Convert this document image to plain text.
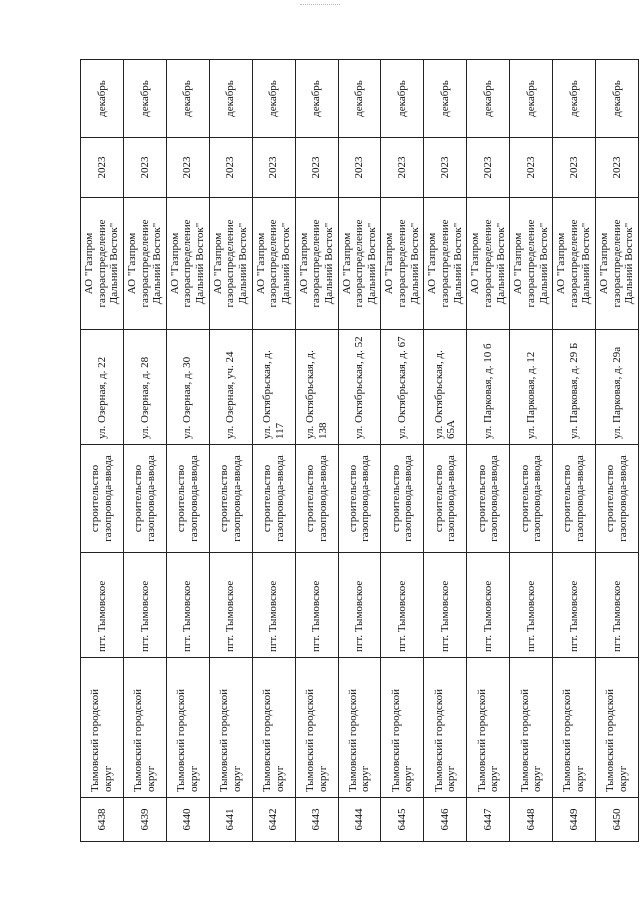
6438	Тымовский городской округ	пгт. Тымовское	строительство газопровода-ввода	ул. Озерная, д. 22	АО "Газпром газораспределение Дальний Восток"	2023	декабрь
6439	Тымовский городской округ	пгт. Тымовское	строительство газопровода-ввода	ул. Озерная, д. 28	АО "Газпром газораспределение Дальний Восток"	2023	декабрь
6440	Тымовский городской округ	пгт. Тымовское	строительство газопровода-ввода	ул. Озерная, д. 30	АО "Газпром газораспределение Дальний Восток"	2023	декабрь
6441	Тымовский городской округ	пгт. Тымовское	строительство газопровода-ввода	ул. Озерная, уч. 24	АО "Газпром газораспределение Дальний Восток"	2023	декабрь
6442	Тымовский городской округ	пгт. Тымовское	строительство газопровода-ввода	ул. Октябрьская, д. 117	АО "Газпром газораспределение Дальний Восток"	2023	декабрь
6443	Тымовский городской округ	пгт. Тымовское	строительство газопровода-ввода	ул. Октябрьская, д. 138	АО "Газпром газораспределение Дальний Восток"	2023	декабрь
6444	Тымовский городской округ	пгт. Тымовское	строительство газопровода-ввода	ул. Октябрьская, д. 52	АО "Газпром газораспределение Дальний Восток"	2023	декабрь
6445	Тымовский городской округ	пгт. Тымовское	строительство газопровода-ввода	ул. Октябрьская, д. 67	АО "Газпром газораспределение Дальний Восток"	2023	декабрь
6446	Тымовский городской округ	пгт. Тымовское	строительство газопровода-ввода	ул. Октябрьская, д. 65А	АО "Газпром газораспределение Дальний Восток"	2023	декабрь
6447	Тымовский городской округ	пгт. Тымовское	строительство газопровода-ввода	ул. Парковая, д. 10 б	АО "Газпром газораспределение Дальний Восток"	2023	декабрь
6448	Тымовский городской округ	пгт. Тымовское	строительство газопровода-ввода	ул. Парковая, д. 12	АО "Газпром газораспределение Дальний Восток"	2023	декабрь
6449	Тымовский городской округ	пгт. Тымовское	строительство газопровода-ввода	ул. Парковая, д. 29 Б	АО "Газпром газораспределение Дальний Восток"	2023	декабрь
6450	Тымовский городской округ	пгт. Тымовское	строительство газопровода-ввода	ул. Парковая, д. 29а	АО "Газпром газораспределение Дальний Восток"	2023	декабрь
